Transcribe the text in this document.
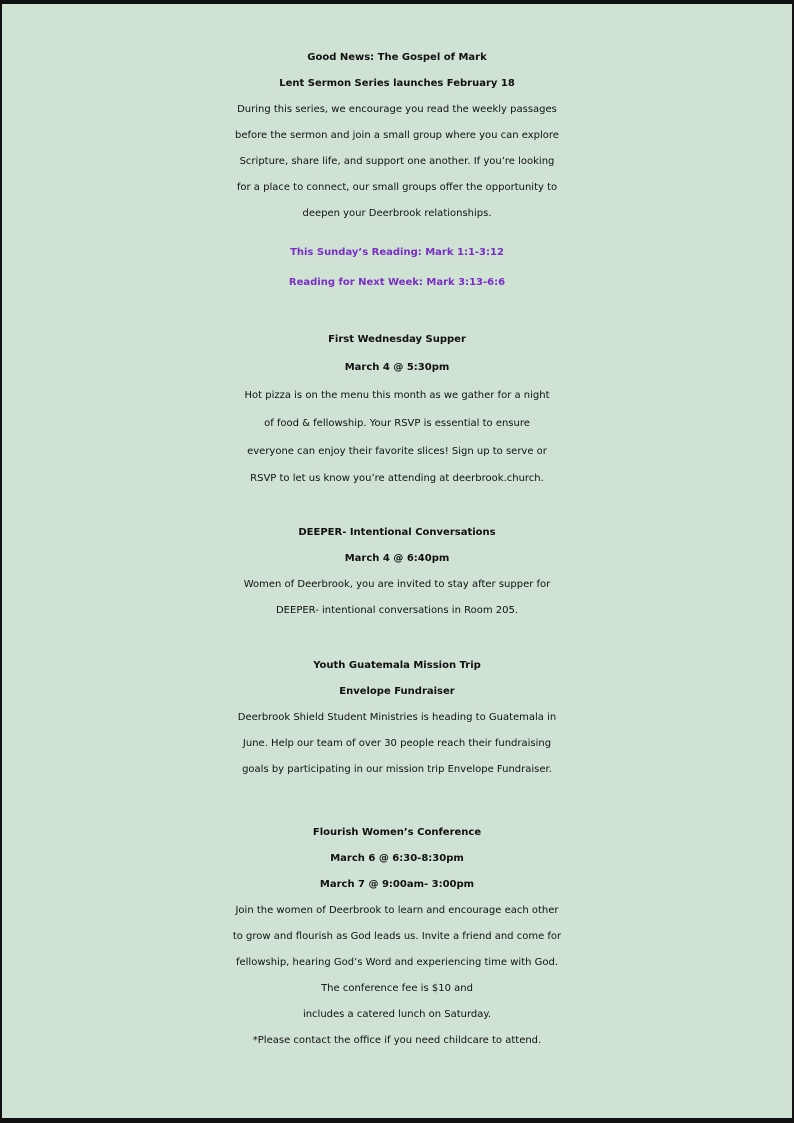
Good News: The Gospel of Mark
Lent Sermon Series launches February 18
During this series, we encourage you read the weekly passages
before the sermon and join a small group where you can explore
Scripture, share life, and support one another. If you’re looking
for a place to connect, our small groups offer the opportunity to
deepen your Deerbrook relationships.
This Sunday’s Reading: Mark 1:1-3:12
Reading for Next Week: Mark 3:13-6:6
First Wednesday Supper
March 4 @ 5:30pm
Hot pizza is on the menu this month as we gather for a night
of food & fellowship. Your RSVP is essential to ensure
everyone can enjoy their favorite slices! Sign up to serve or
RSVP to let us know you’re attending at deerbrook.church.
DEEPER- Intentional Conversations
March 4 @ 6:40pm
Women of Deerbrook, you are invited to stay after supper for
DEEPER- intentional conversations in Room 205.
Youth Guatemala Mission Trip
Envelope Fundraiser
Deerbrook Shield Student Ministries is heading to Guatemala in
June. Help our team of over 30 people reach their fundraising
goals by participating in our mission trip Envelope Fundraiser.
Flourish Women’s Conference
March 6 @ 6:30-8:30pm
March 7 @ 9:00am- 3:00pm
Join the women of Deerbrook to learn and encourage each other
to grow and flourish as God leads us. Invite a friend and come for
fellowship, hearing God’s Word and experiencing time with God.
The conference fee is $10 and
includes a catered lunch on Saturday.
*Please contact the office if you need childcare to attend.
